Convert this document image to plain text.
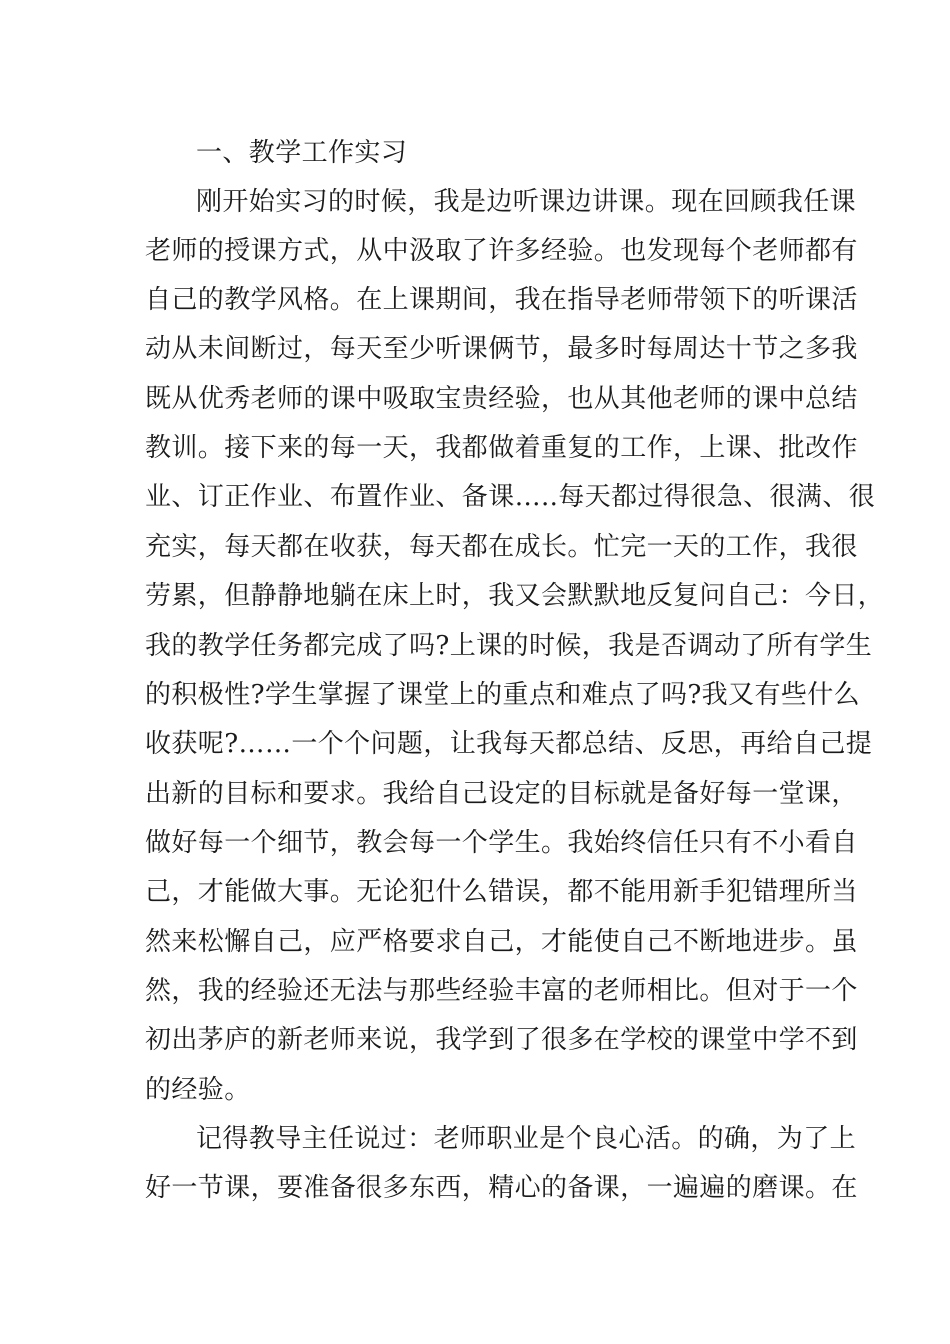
一、教学工作实习
刚开始实习的时候，我是边听课边讲课。现在回顾我任课
老师的授课方式，从中汲取了许多经验。也发现每个老师都有
自己的教学风格。在上课期间，我在指导老师带领下的听课活
动从未间断过，每天至少听课俩节，最多时每周达十节之多我
既从优秀老师的课中吸取宝贵经验，也从其他老师的课中总结
教训。接下来的每一天，我都做着重复的工作，上课、批改作
业、订正作业、布置作业、备课…..每天都过得很急、很满、很
充实，每天都在收获，每天都在成长。忙完一天的工作，我很
劳累，但静静地躺在床上时，我又会默默地反复问自己：今日，
我的教学任务都完成了吗?上课的时候，我是否调动了所有学生
的积极性?学生掌握了课堂上的重点和难点了吗?我又有些什么
收获呢?……一个个问题，让我每天都总结、反思，再给自己提
出新的目标和要求。我给自己设定的目标就是备好每一堂课，
做好每一个细节，教会每一个学生。我始终信任只有不小看自
己，才能做大事。无论犯什么错误，都不能用新手犯错理所当
然来松懈自己，应严格要求自己，才能使自己不断地进步。虽
然，我的经验还无法与那些经验丰富的老师相比。但对于一个
初出茅庐的新老师来说，我学到了很多在学校的课堂中学不到
的经验。
记得教导主任说过：老师职业是个良心活。的确，为了上
好一节课，要准备很多东西，精心的备课，一遍遍的磨课。在
